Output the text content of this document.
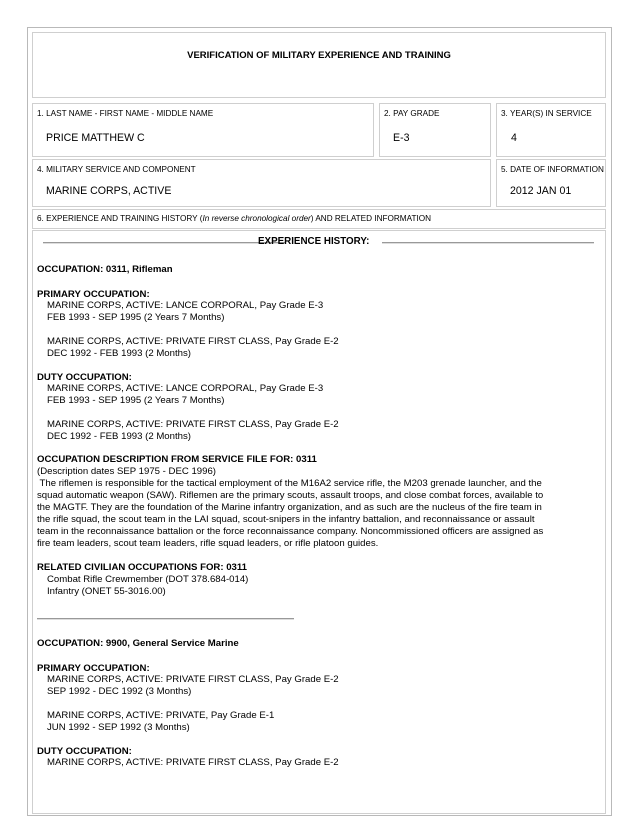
VERIFICATION OF MILITARY EXPERIENCE AND TRAINING
1. LAST NAME - FIRST NAME - MIDDLE NAME
PRICE MATTHEW C
2. PAY GRADE
E-3
3. YEAR(S) IN SERVICE
4
4. MILITARY SERVICE AND COMPONENT
MARINE CORPS, ACTIVE
5. DATE OF INFORMATION
2012 JAN 01
6. EXPERIENCE AND TRAINING HISTORY (In reverse chronological order) AND RELATED INFORMATION
EXPERIENCE HISTORY:
OCCUPATION: 0311, Rifleman
PRIMARY OCCUPATION:
MARINE CORPS, ACTIVE: LANCE CORPORAL, Pay Grade E-3
FEB 1993 - SEP 1995 (2 Years 7 Months)
MARINE CORPS, ACTIVE: PRIVATE FIRST CLASS, Pay Grade E-2
DEC 1992 - FEB 1993 (2 Months)
DUTY OCCUPATION:
MARINE CORPS, ACTIVE: LANCE CORPORAL, Pay Grade E-3
FEB 1993 - SEP 1995 (2 Years 7 Months)
MARINE CORPS, ACTIVE: PRIVATE FIRST CLASS, Pay Grade E-2
DEC 1992 - FEB 1993 (2 Months)
OCCUPATION DESCRIPTION FROM SERVICE FILE FOR: 0311
(Description dates SEP 1975 - DEC 1996)
The riflemen is responsible for the tactical employment of the M16A2 service rifle, the M203 grenade launcher, and the
squad automatic weapon (SAW). Riflemen are the primary scouts, assault troops, and close combat forces, available to
the MAGTF. They are the foundation of the Marine infantry organization, and as such are the nucleus of the fire team in
the rifle squad, the scout team in the LAI squad, scout-snipers in the infantry battalion, and reconnaissance or assault
team in the reconnaissance battalion or the force reconnaissance company. Noncommissioned officers are assigned as
fire team leaders, scout team leaders, rifle squad leaders, or rifle platoon guides.
RELATED CIVILIAN OCCUPATIONS FOR: 0311
Combat Rifle Crewmember (DOT 378.684-014)
Infantry (ONET 55-3016.00)
OCCUPATION: 9900, General Service Marine
PRIMARY OCCUPATION:
MARINE CORPS, ACTIVE: PRIVATE FIRST CLASS, Pay Grade E-2
SEP 1992 - DEC 1992 (3 Months)
MARINE CORPS, ACTIVE: PRIVATE, Pay Grade E-1
JUN 1992 - SEP 1992 (3 Months)
DUTY OCCUPATION:
MARINE CORPS, ACTIVE: PRIVATE FIRST CLASS, Pay Grade E-2
